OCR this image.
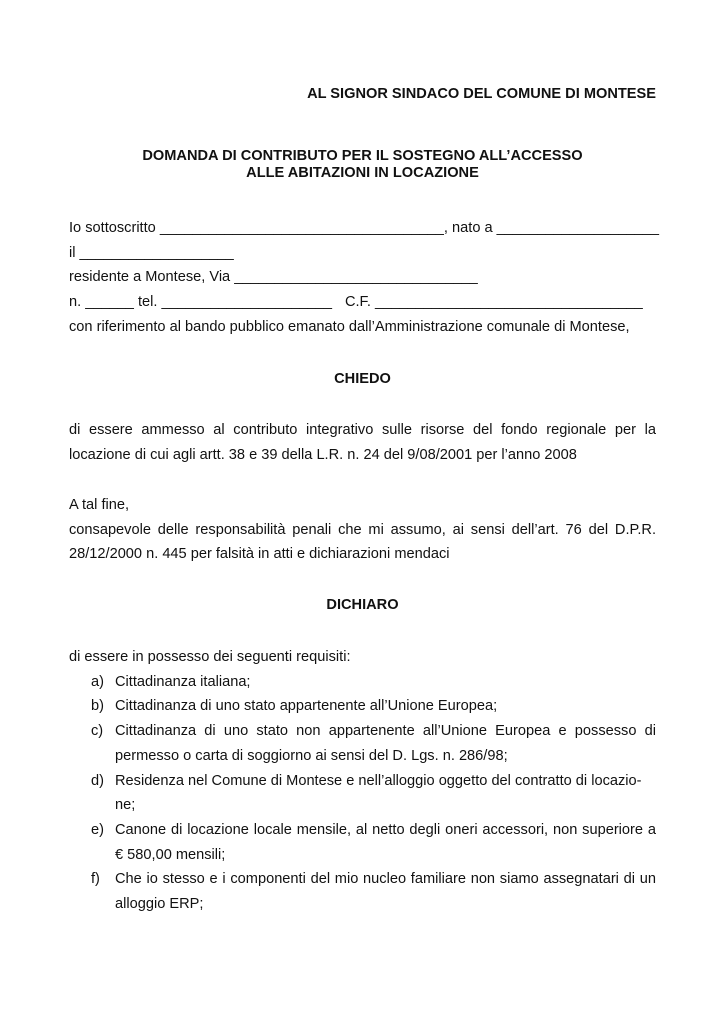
AL SIGNOR SINDACO DEL COMUNE DI MONTESE
DOMANDA DI CONTRIBUTO PER IL SOSTEGNO ALL’ACCESSO
ALLE ABITAZIONI IN LOCAZIONE
Io sottoscritto ___________________________________ , nato a ____________________
il ___________________
residente a Montese, Via ______________________________
n. ______ tel. _____________________ C.F. _________________________________
con riferimento al bando pubblico emanato dall’Amministrazione comunale di Montese,
CHIEDO
di essere ammesso al contributo integrativo sulle risorse del fondo regionale per la
locazione di cui agli artt. 38 e 39 della L.R. n. 24 del 9/08/2001 per l’anno 2008
A tal fine,
consapevole delle responsabilità penali che mi assumo, ai sensi dell’art. 76 del D.P.R.
28/12/2000 n. 445 per falsità in atti e dichiarazioni mendaci
DICHIARO
di essere in possesso dei seguenti requisiti:
a) Cittadinanza italiana;
b) Cittadinanza di uno stato appartenente all’Unione Europea;
c) Cittadinanza di uno stato non appartenente all’Unione Europea e possesso di
permesso o carta di soggiorno ai sensi del D. Lgs. n. 286/98;
d) Residenza nel Comune di Montese e nell’alloggio oggetto del contratto di locazio-
ne;
e) Canone di locazione locale mensile, al netto degli oneri accessori, non superiore a
€ 580,00 mensili;
f) Che io stesso e i componenti del mio nucleo familiare non siamo assegnatari di un
alloggio ERP;
